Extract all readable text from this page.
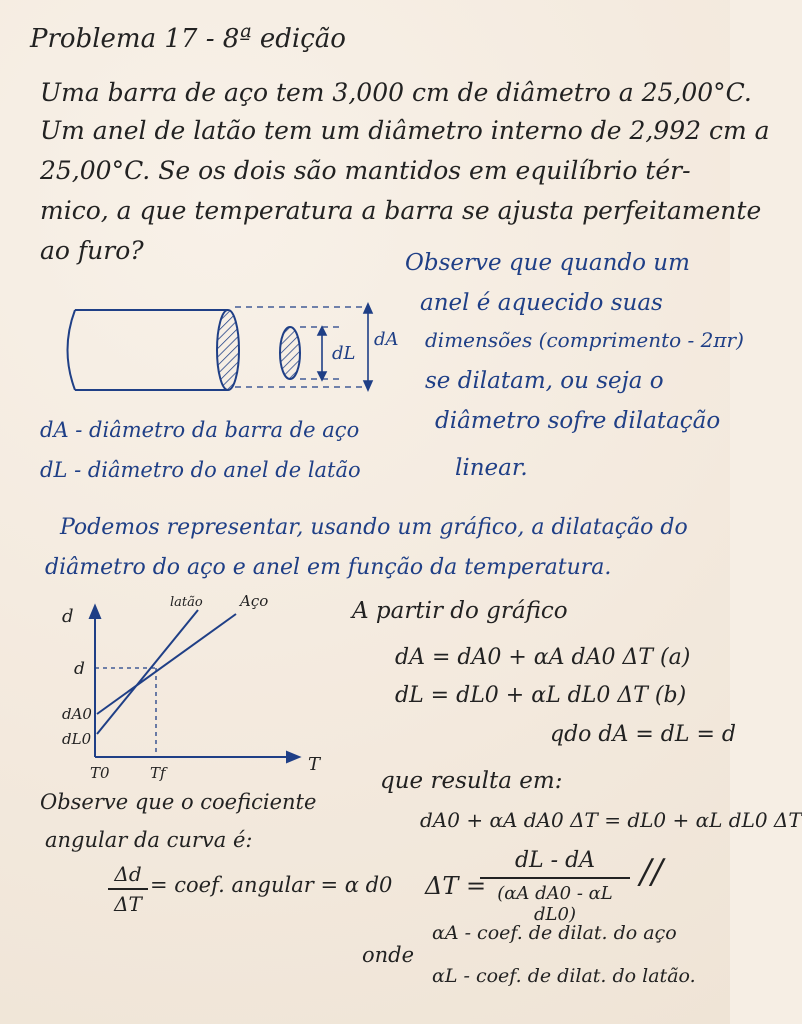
Problema 17 - 8ª edição
Uma barra de aço tem 3,000 cm de diâmetro a 25,00°C.
Um anel de latão tem um diâmetro interno de 2,992 cm a
25,00°C. Se os dois são mantidos em equilíbrio tér-
mico, a que temperatura a barra se ajusta perfeitamente
ao furo?	Observe que quando um
anel é aquecido suas
dimensões (comprimento - 2πr)
se dilatam, ou seja o
diâmetro sofre dilatação
linear.
dL
dA
dA - diâmetro da barra de aço
dL - diâmetro do anel de latão
Podemos representar, usando um gráfico, a dilatação do
diâmetro do aço e anel em função da temperatura.
d
T
latão Aço
d
dA0
dL0
T0	Tf
A partir do gráfico
dA = dA0 + αA dA0 ΔT (a)
dL = dL0 + αL dL0 ΔT (b)
qdo dA = dL = d
que resulta em:
dA0 + αA dA0 ΔT = dL0 + αL dL0 ΔT
Observe que o coeficiente
angular da curva é:
$\frac{\Delta d}{\Delta T}$ = coef. angular = α d0 ΔT =
dL - dA
(αA dA0 - αL dL0)
//
onde
αA - coef. de dilat. do aço
αL - coef. de dilat. do latão.
